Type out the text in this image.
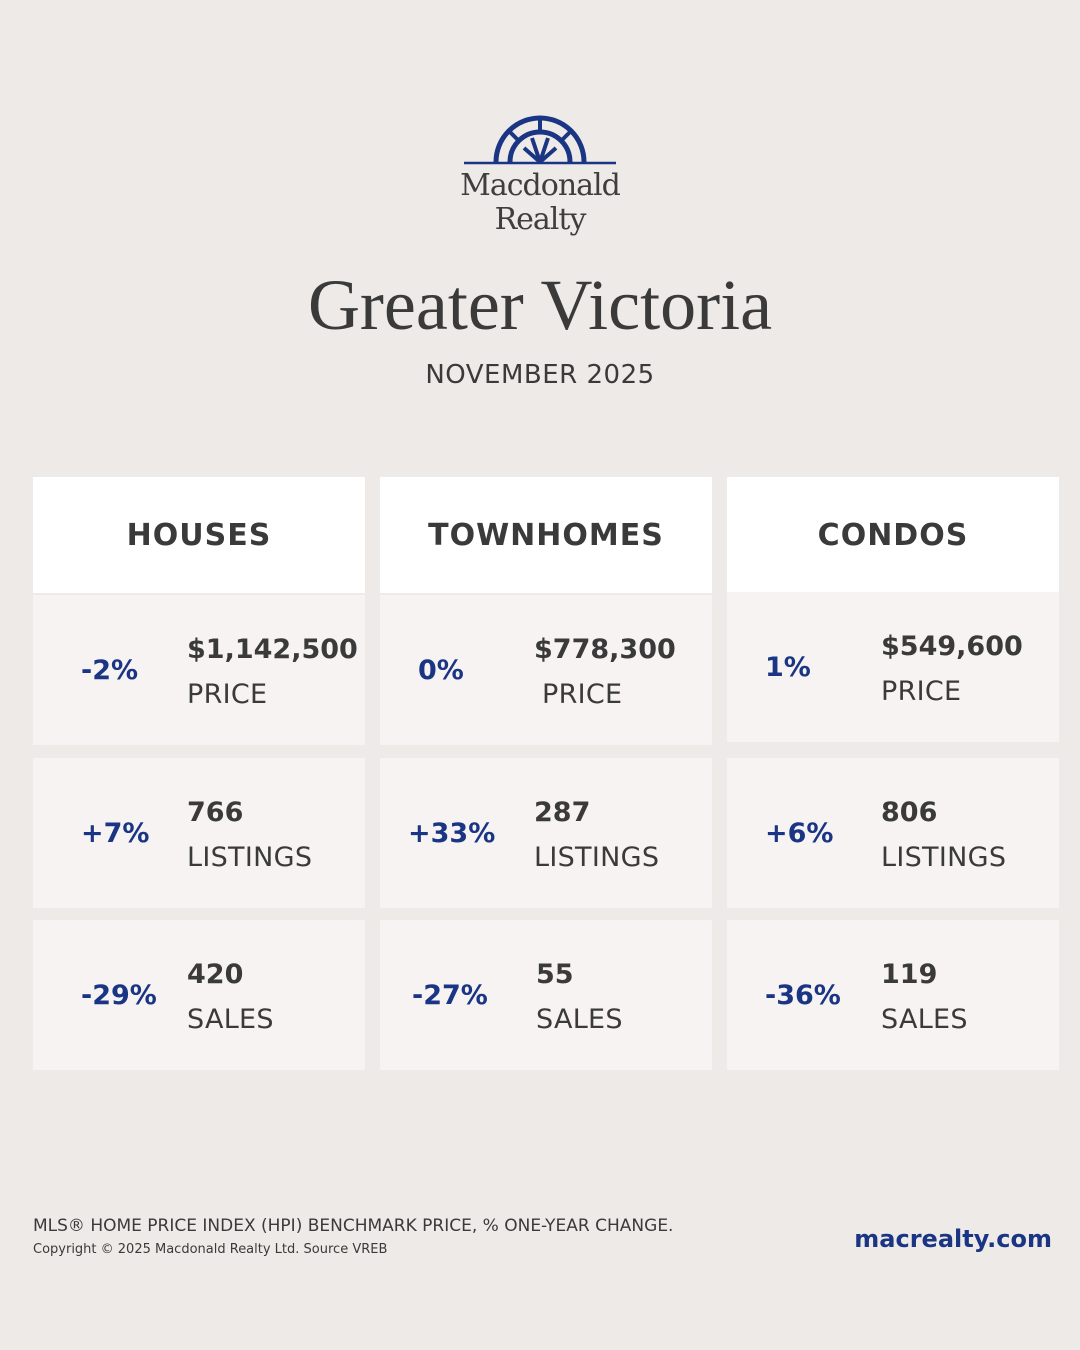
Macdonald
Realty
Greater Victoria
NOVEMBER 2025
HOUSES
-2%
$1,142,500
PRICE
+7%
766
LISTINGS
-29%
420
SALES
TOWNHOMES
0%
$778,300
PRICE
+33%
287
LISTINGS
-27%
55
SALES
CONDOS
1%
$549,600
PRICE
+6%
806
LISTINGS
-36%
119
SALES
MLS® HOME PRICE INDEX (HPI) BENCHMARK PRICE, % ONE-YEAR CHANGE.
Copyright © 2025 Macdonald Realty Ltd. Source VREB	macrealty.com
